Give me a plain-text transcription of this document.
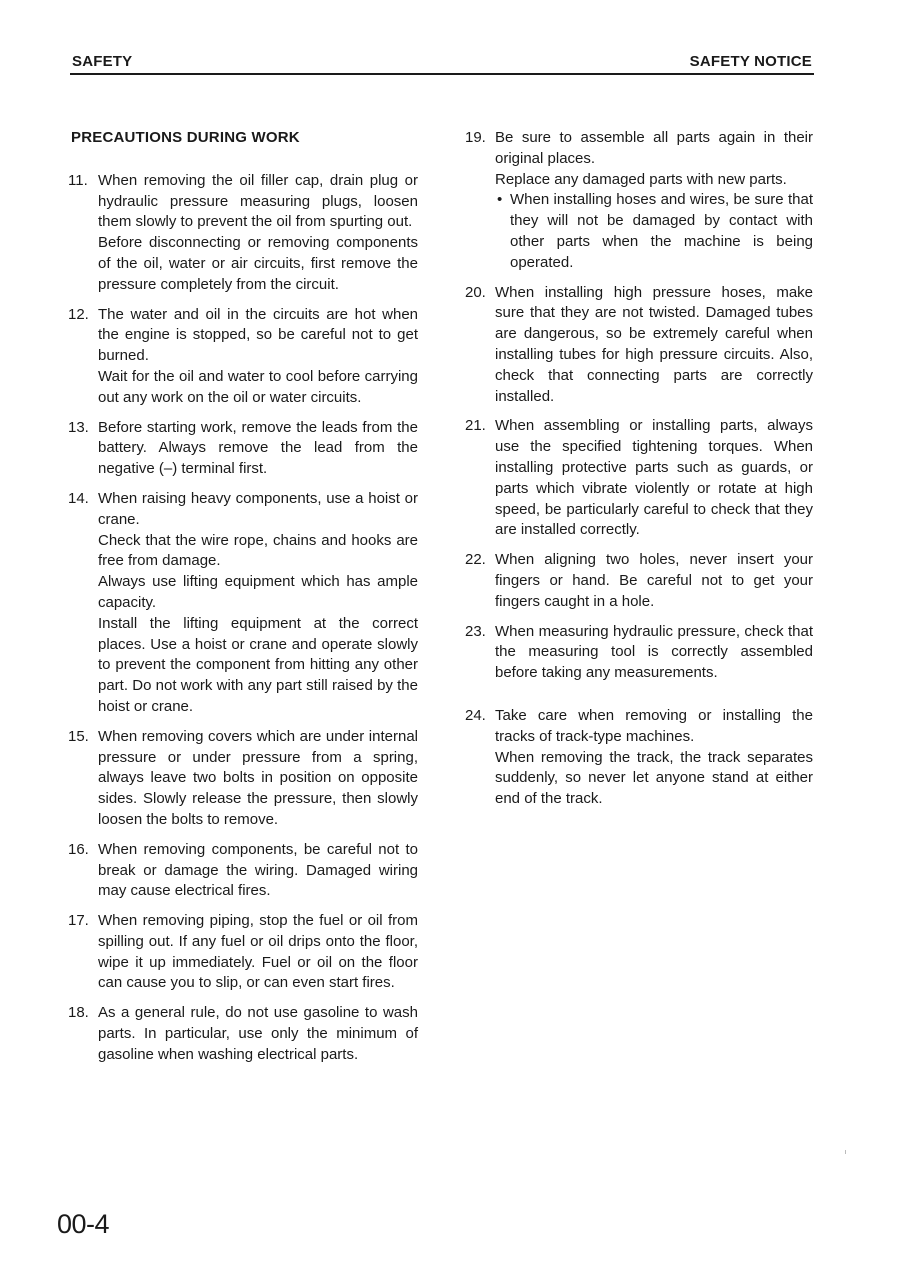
SAFETY	SAFETY NOTICE
PRECAUTIONS DURING WORK
11. When removing the oil filler cap, drain plug or hydraulic pressure measuring plugs, loosen them slowly to prevent the oil from spurting out.

Before disconnecting or removing components of the oil, water or air circuits, first remove the pressure completely from the circuit.

12. The water and oil in the circuits are hot when the engine is stopped, so be careful not to get burned.

Wait for the oil and water to cool before carrying out any work on the oil or water circuits.

13. Before starting work, remove the leads from the battery. Always remove the lead from the negative (–) terminal first.

14. When raising heavy components, use a hoist or crane.

Check that the wire rope, chains and hooks are free from damage.

Always use lifting equipment which has ample capacity.

Install the lifting equipment at the correct places. Use a hoist or crane and operate slowly to prevent the component from hitting any other part. Do not work with any part still raised by the hoist or crane.

15. When removing covers which are under internal pressure or under pressure from a spring, always leave two bolts in position on opposite sides. Slowly release the pressure, then slowly loosen the bolts to remove.

16. When removing components, be careful not to break or damage the wiring. Damaged wiring may cause electrical fires.

17. When removing piping, stop the fuel or oil from spilling out. If any fuel or oil drips onto the floor, wipe it up immediately. Fuel or oil on the floor can cause you to slip, or can even start fires.

18. As a general rule, do not use gasoline to wash parts. In particular, use only the minimum of gasoline when washing electrical parts.

19. Be sure to assemble all parts again in their original places.

Replace any damaged parts with new parts.

• When installing hoses and wires, be sure that they will not be damaged by contact with other parts when the machine is being operated.
20. When installing high pressure hoses, make sure that they are not twisted. Damaged tubes are dangerous, so be extremely careful when installing tubes for high pressure circuits. Also, check that connecting parts are correctly installed.

21. When assembling or installing parts, always use the specified tightening torques. When installing protective parts such as guards, or parts which vibrate violently or rotate at high speed, be particularly careful to check that they are installed correctly.

22. When aligning two holes, never insert your fingers or hand. Be careful not to get your fingers caught in a hole.

23. When measuring hydraulic pressure, check that the measuring tool is correctly assembled before taking any measurements.

24. Take care when removing or installing the tracks of track-type machines.

When removing the track, the track separates suddenly, so never let anyone stand at either end of the track.

00-4
